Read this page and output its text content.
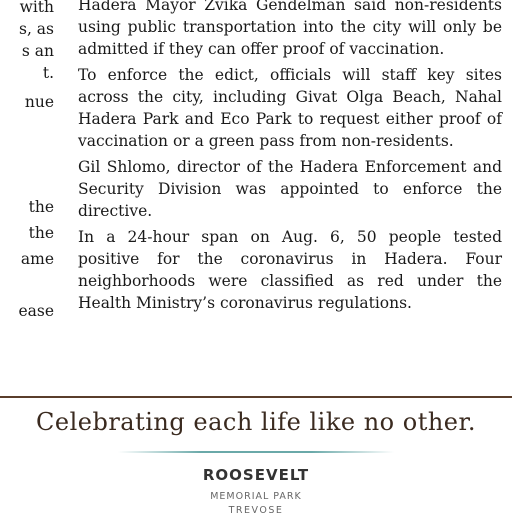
with
s, as
s an
t.
nue
the
the
ame
ease

Hadera Mayor Zvika Gendelman said non-residents using public transportation into the city will only be admitted if they can offer proof of vaccination.

To enforce the edict, officials will staff key sites across the city, including Givat Olga Beach, Nahal Hadera Park and Eco Park to request either proof of vaccination or a green pass from non-residents.

Gil Shlomo, director of the Hadera Enforcement and Security Division was appointed to enforce the directive.

In a 24-hour span on Aug. 6, 50 people tested positive for the coronavirus in Hadera. Four neighborhoods were classified as red under the Health Ministry’s coronavirus regulations.

Celebrating each life like no other.
ROOSEVELT
MEMORIAL PARK
TREVOSE
